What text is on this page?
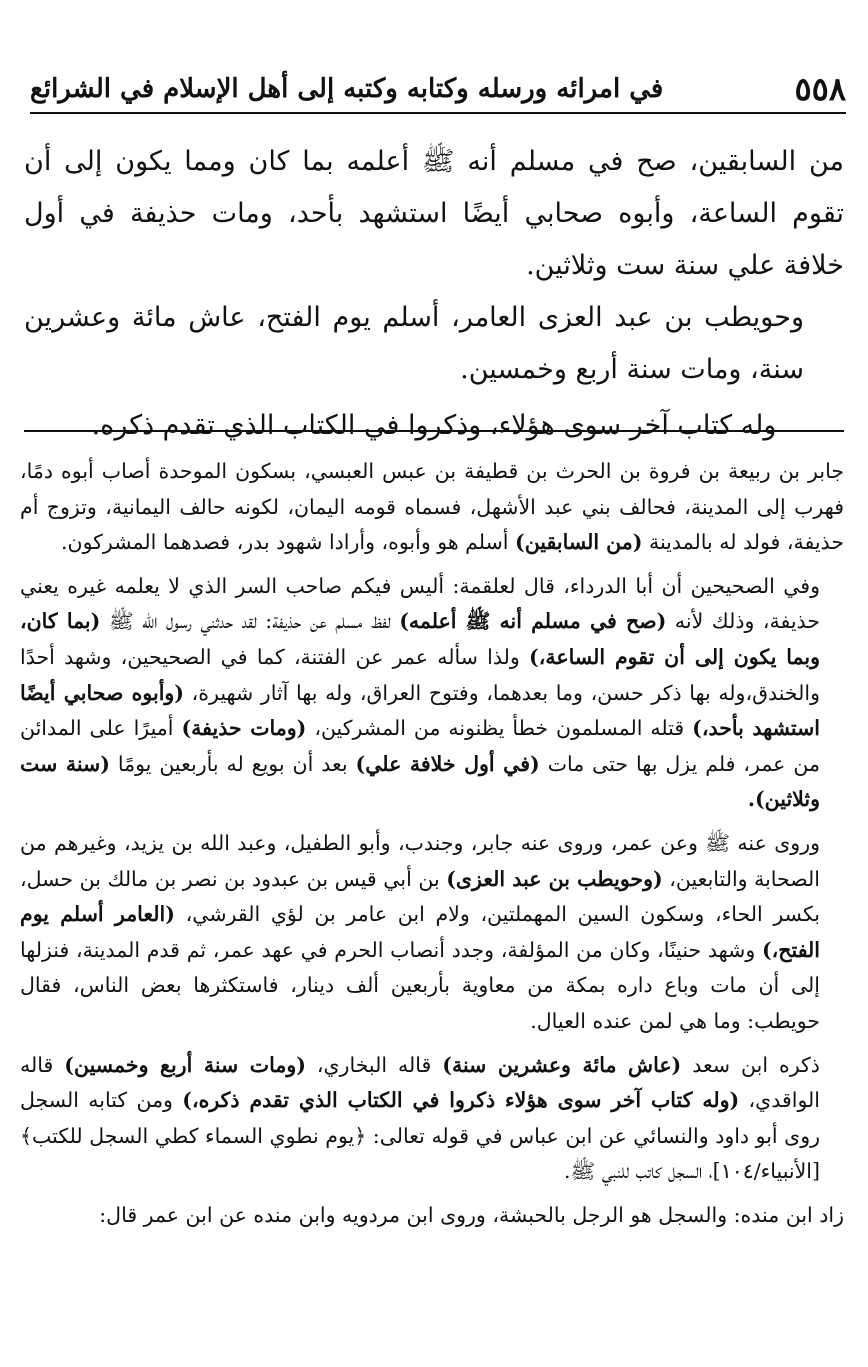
٥٥٨
في امرائه ورسله وكتابه وكتبه إلى أهل الإسلام في الشرائع

من السابقين، صح في مسلم أنه ﷺ أعلمه بما كان ومما يكون إلى أن تقوم الساعة، وأبوه صحابي أيضًا استشهد بأحد، ومات حذيفة في أول خلافة علي سنة ست وثلاثين.

وحويطب بن عبد العزى العامر، أسلم يوم الفتح، عاش مائة وعشرين سنة، ومات سنة أربع وخمسين.

وله كتاب آخر سوى هؤلاء، وذكروا في الكتاب الذي تقدم ذكره.

جابر بن ربيعة بن فروة بن الحرث بن قطيفة بن عبس العبسي، بسكون الموحدة أصاب أبوه دمًا، فهرب إلى المدينة، فحالف بني عبد الأشهل، فسماه قومه اليمان، لكونه حالف اليمانية، وتزوج أم حذيفة، فولد له بالمدينة (من السابقين) أسلم هو وأبوه، وأرادا شهود بدر، فصدهما المشركون.

وفي الصحيحين أن أبا الدرداء، قال لعلقمة: أليس فيكم صاحب السر الذي لا يعلمه غيره يعني حذيفة، وذلك لأنه (صح في مسلم أنه ﷺ أعلمه) لفظ مسلم عن حذيفة: لقد حدثني رسول الله ﷺ (بما كان، وبما يكون إلى أن تقوم الساعة،) ولذا سأله عمر عن الفتنة، كما في الصحيحين، وشهد أحدًا والخندق،وله بها ذكر حسن، وما بعدهما، وفتوح العراق، وله بها آثار شهيرة، (وأبوه صحابي أيضًا استشهد بأحد،) قتله المسلمون خطأ يظنونه من المشركين، (ومات حذيفة) أميرًا على المدائن من عمر، فلم يزل بها حتى مات (في أول خلافة علي) بعد أن بويع له بأربعين يومًا (سنة ست وثلاثين).

وروى عنه ﷺ وعن عمر، وروى عنه جابر، وجندب، وأبو الطفيل، وعبد الله بن يزيد، وغيرهم من الصحابة والتابعين، (وحويطب بن عبد العزى) بن أبي قيس بن عبدود بن نصر بن مالك بن حسل، بكسر الحاء، وسكون السين المهملتين، ولام ابن عامر بن لؤي القرشي، (العامر أسلم يوم الفتح،) وشهد حنينًا، وكان من المؤلفة، وجدد أنصاب الحرم في عهد عمر، ثم قدم المدينة، فنزلها إلى أن مات وباع داره بمكة من معاوية بأربعين ألف دينار، فاستكثرها بعض الناس، فقال حويطب: وما هي لمن عنده العيال.

ذكره ابن سعد (عاش مائة وعشرين سنة) قاله البخاري، (ومات سنة أربع وخمسين) قاله الواقدي، (وله كتاب آخر سوى هؤلاء ذكروا في الكتاب الذي تقدم ذكره،) ومن كتابه السجل روى أبو داود والنسائي عن ابن عباس في قوله تعالى: ﴿يوم نطوي السماء كطي السجل للكتب﴾ [الأنبياء/١٠٤]، السجل كاتب للنبي ﷺ.

زاد ابن منده: والسجل هو الرجل بالحبشة، وروى ابن مردويه وابن منده عن ابن عمر قال:
